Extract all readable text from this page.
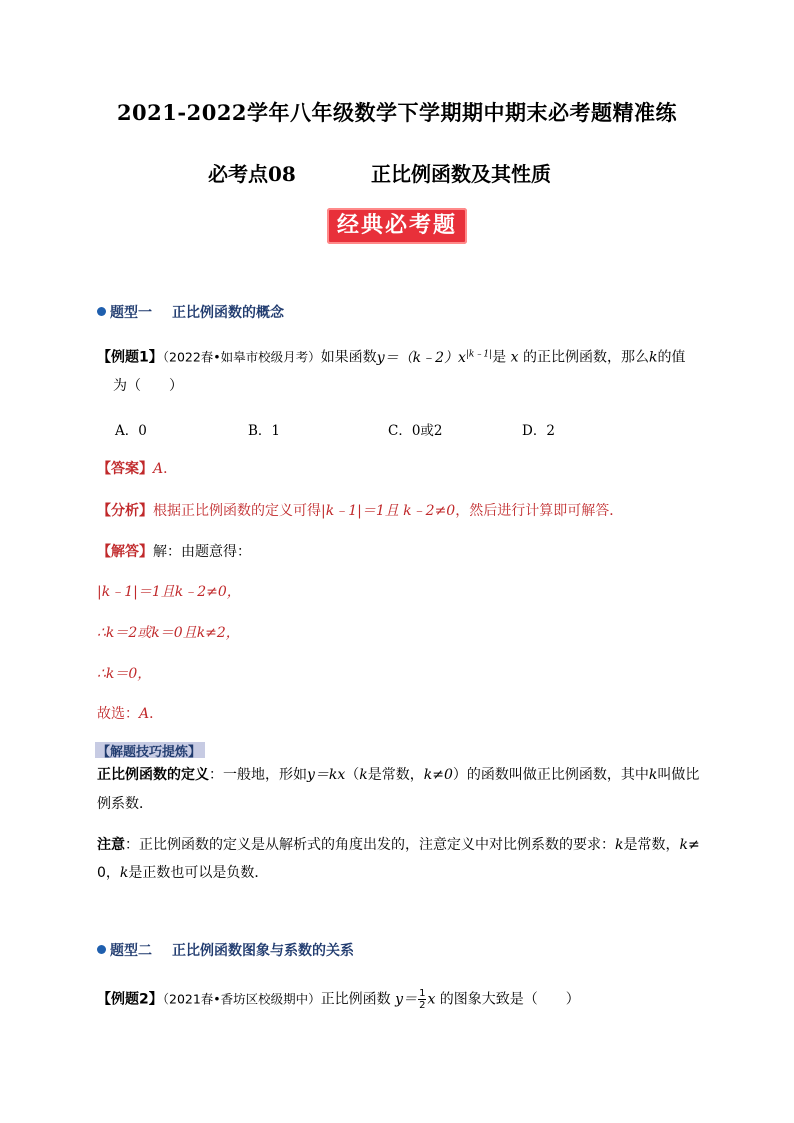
2021-2022学年八年级数学下学期期中期末必考题精准练
必考点08	正比例函数及其性质
经典必考题
题型一 正比例函数的概念
【例题1】（2022春•如皋市校级月考）如果函数$y=(k﹣2)x^{|k﹣1|}$是 x 的正比例函数，那么k的值
为（　　）
A．0	B．1	C．0或2	D．2
【答案】A．
【分析】根据正比例函数的定义可得|k﹣1|＝1且 k﹣2≠0，然后进行计算即可解答．
【解答】解：由题意得：
|k﹣1|＝1且k﹣2≠0，
∴k＝2或k＝0且k≠2，
∴k＝0，
故选：A．
【解题技巧提炼】
正比例函数的定义：一般地，形如y＝kx（k是常数，k≠0）的函数叫做正比例函数，其中k叫做比
例系数．
注意：正比例函数的定义是从解析式的角度出发的，注意定义中对比例系数的要求：k是常数，k≠
0，k是正数也可以是负数．
题型二 正比例函数图象与系数的关系
【例题2】（2021春•香坊区校级期中）正比例函数 $y= \frac{1}{2}$ x 的图象大致是（　　）
